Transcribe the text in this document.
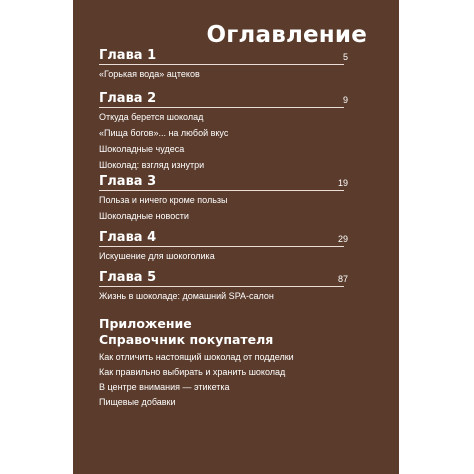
Оглавление
Глава 1	5
«Горькая вода» ацтеков
Глава 2	9
Откуда берется шоколад
«Пища богов»... на любой вкус
Шоколадные чудеса
Шоколад: взгляд изнутри
Глава 3	19
Польза и ничего кроме пользы
Шоколадные новости
Глава 4	29
Искушение для шокоголика
Глава 5	87
Жизнь в шоколаде: домашний SPA-салон
Приложение
Справочник покупателя
Как отличить настоящий шоколад от подделки
Как правильно выбирать и хранить шоколад
В центре внимания — этикетка
Пищевые добавки
